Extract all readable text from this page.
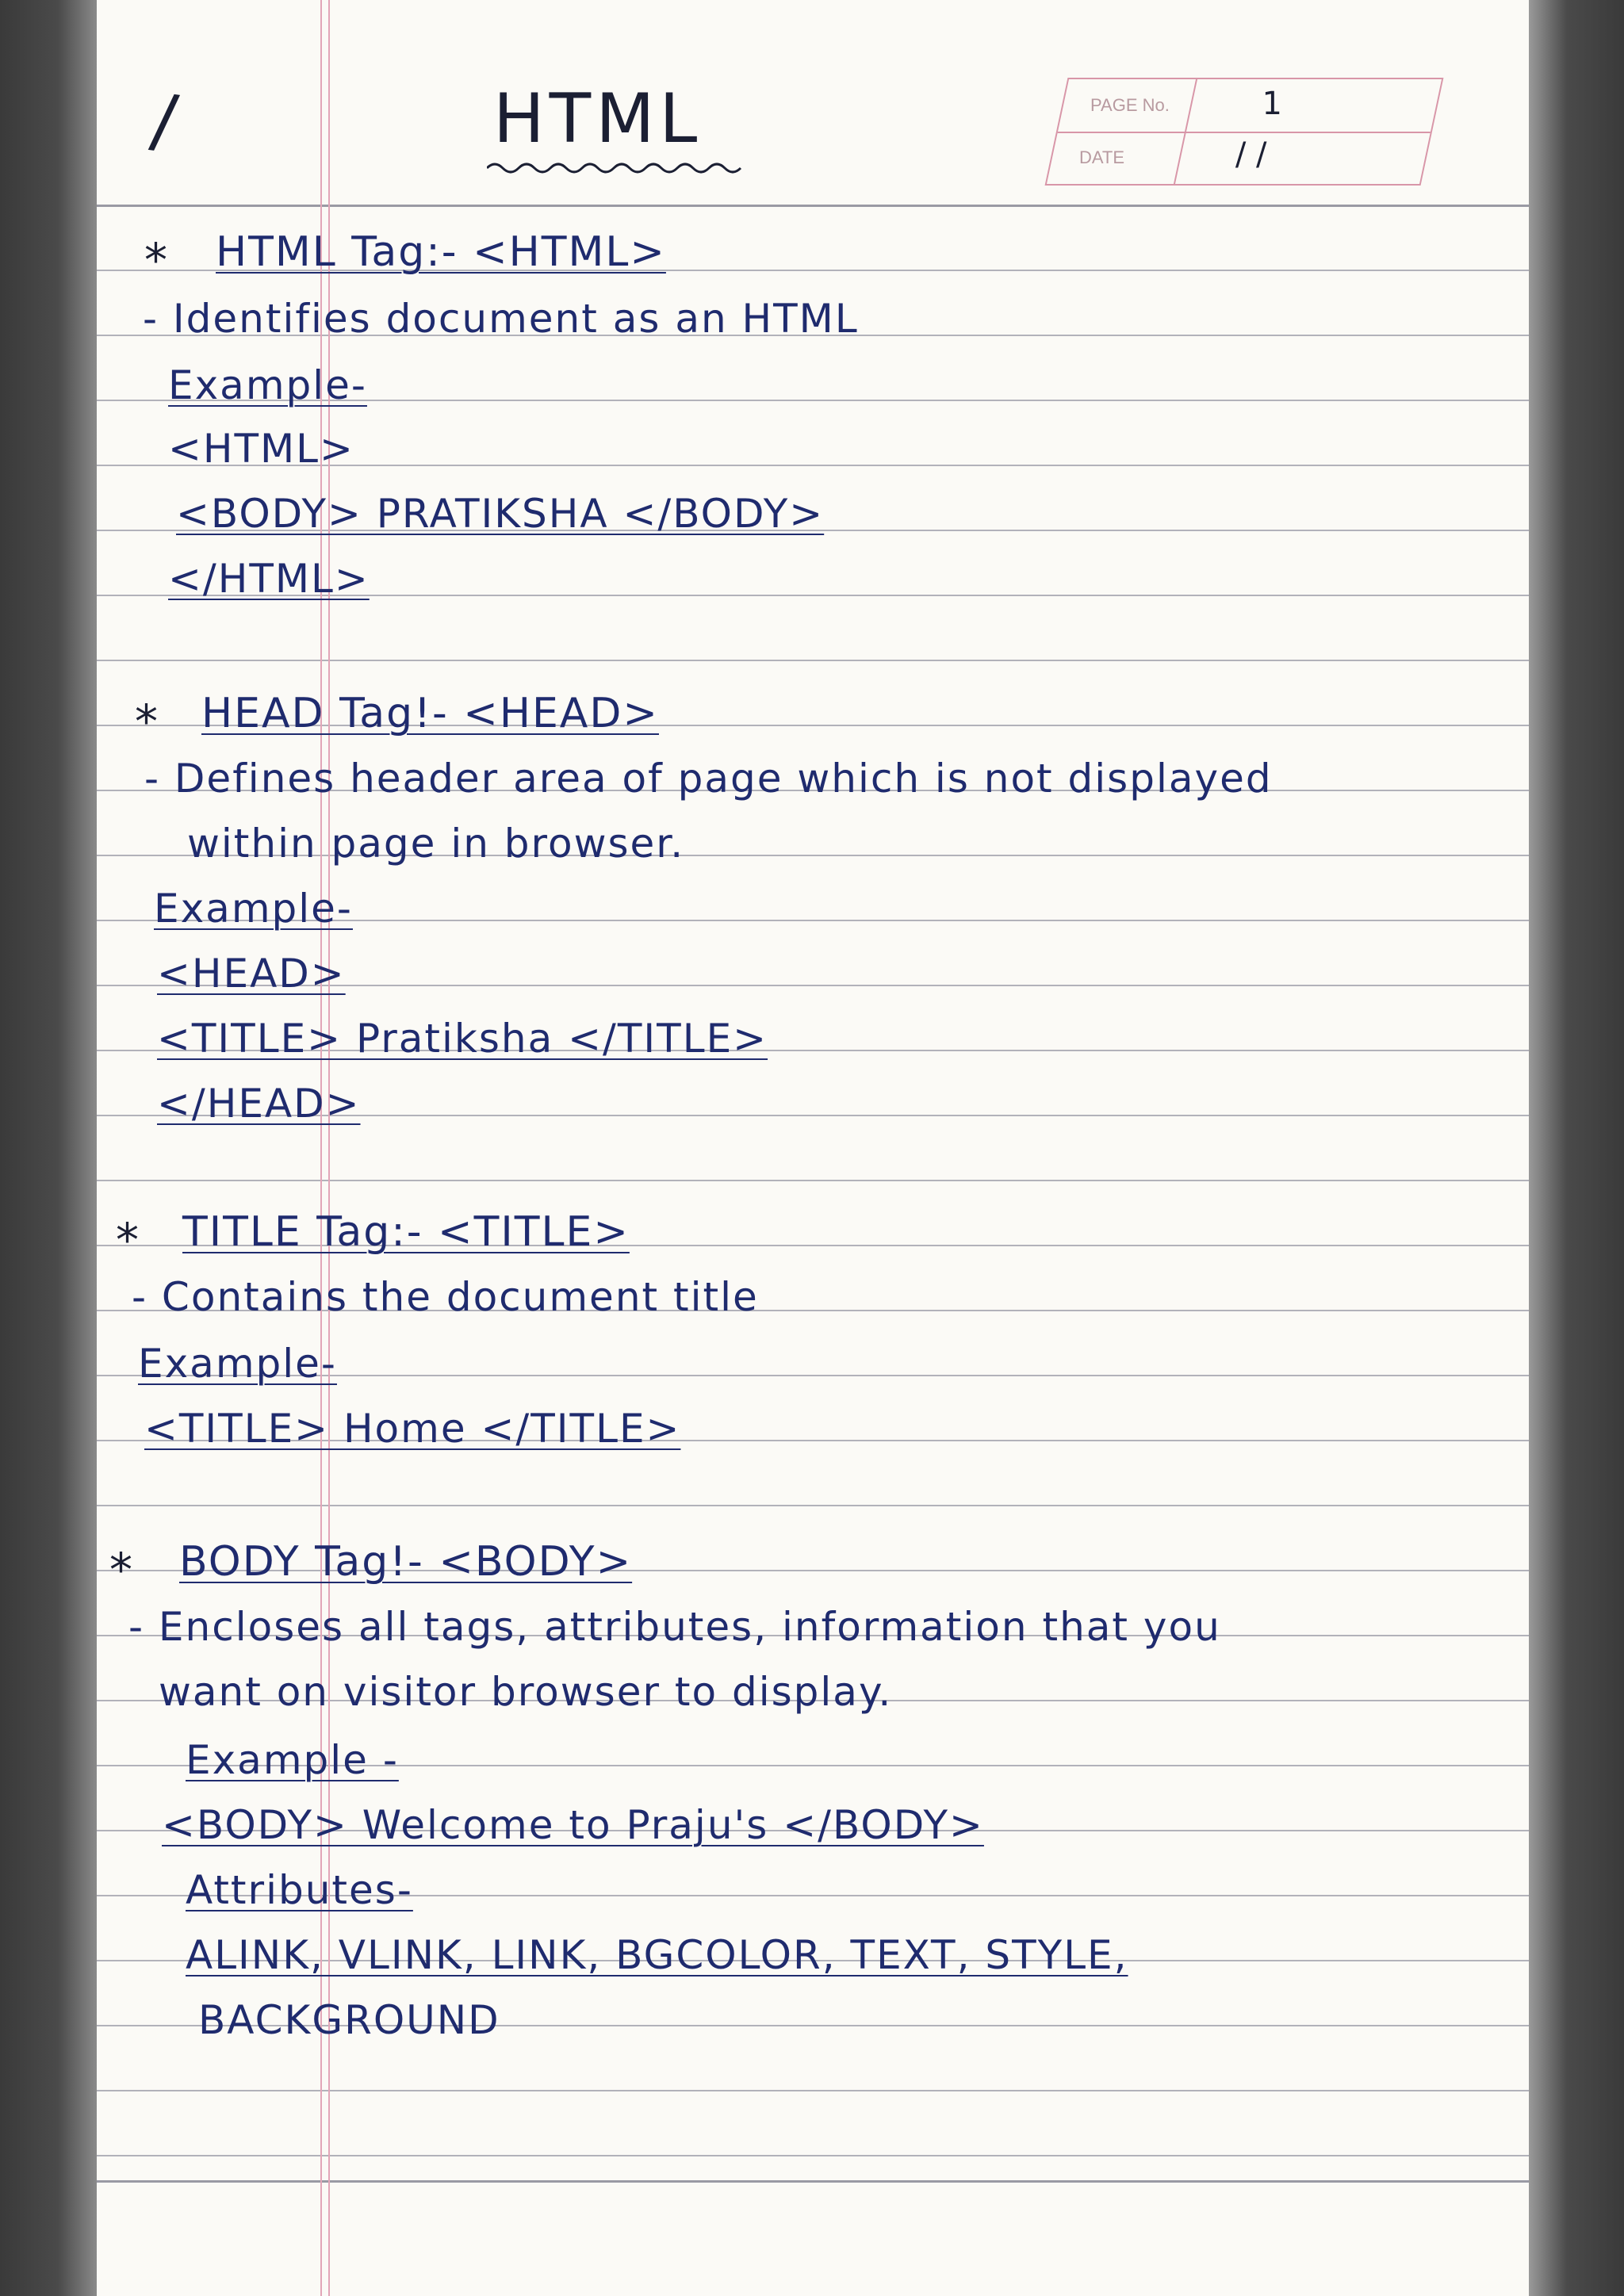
/	HTML	PAGE No.	1
DATE	/ /
* HTML Tag:- <HTML>
- Identifies document as an HTML
Example-
<HTML>
<BODY> PRATIKSHA </BODY>
</HTML>
* HEAD Tag!- <HEAD>
- Defines header area of page which is not displayed
within page in browser.
Example-
<HEAD>
<TITLE> Pratiksha </TITLE>
</HEAD>
* TITLE Tag:- <TITLE>
- Contains the document title
Example-
<TITLE> Home </TITLE>
* BODY Tag!- <BODY>
- Encloses all tags, attributes, information that you
want on visitor browser to display.
Example -
<BODY> Welcome to Praju's </BODY>
Attributes-
ALINK, VLINK, LINK, BGCOLOR, TEXT, STYLE,
BACKGROUND
